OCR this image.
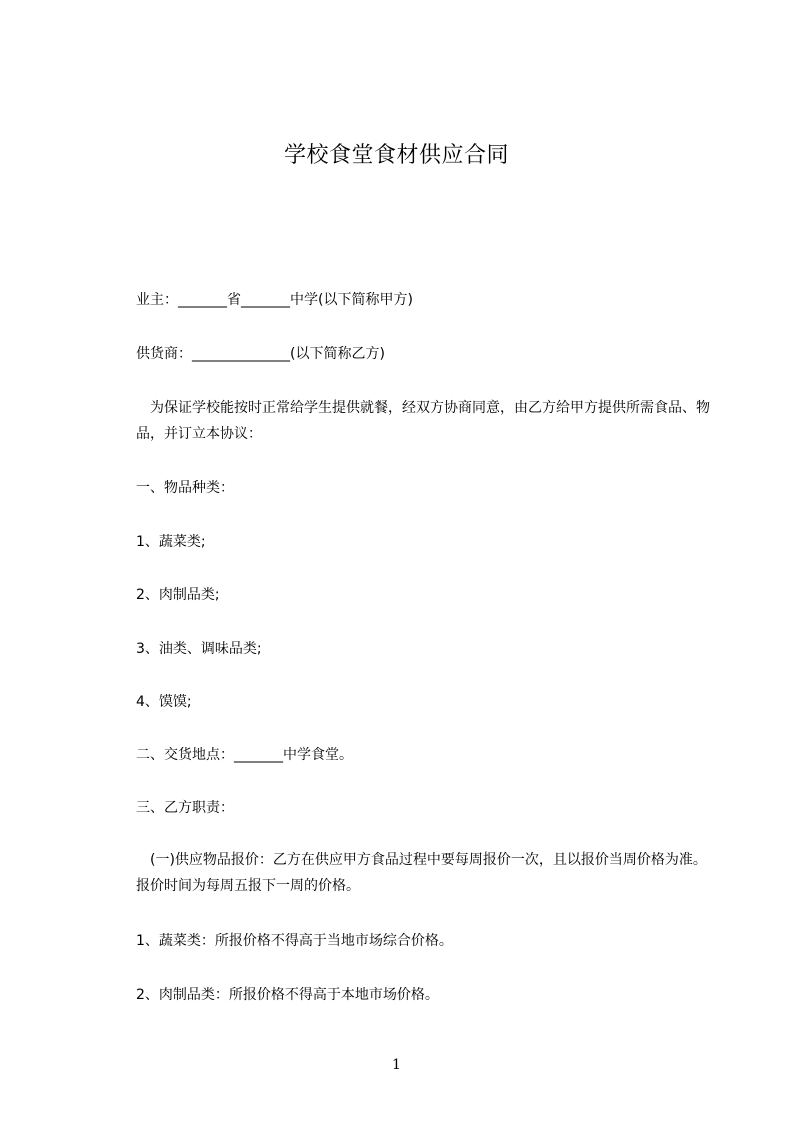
学校食堂食材供应合同
业主：_______省_______中学(以下简称甲方)
供货商：______________(以下简称乙方)
　为保证学校能按时正常给学生提供就餐，经双方协商同意，由乙方给甲方提供所需食品、物品，并订立本协议：
一、物品种类：
1、蔬菜类;
2、肉制品类;
3、油类、调味品类;
4、馍馍;
二、交货地点：_______中学食堂。
三、乙方职责：
　(一)供应物品报价：乙方在供应甲方食品过程中要每周报价一次，且以报价当周价格为准。报价时间为每周五报下一周的价格。
1、蔬菜类：所报价格不得高于当地市场综合价格。
2、肉制品类：所报价格不得高于本地市场价格。
1
